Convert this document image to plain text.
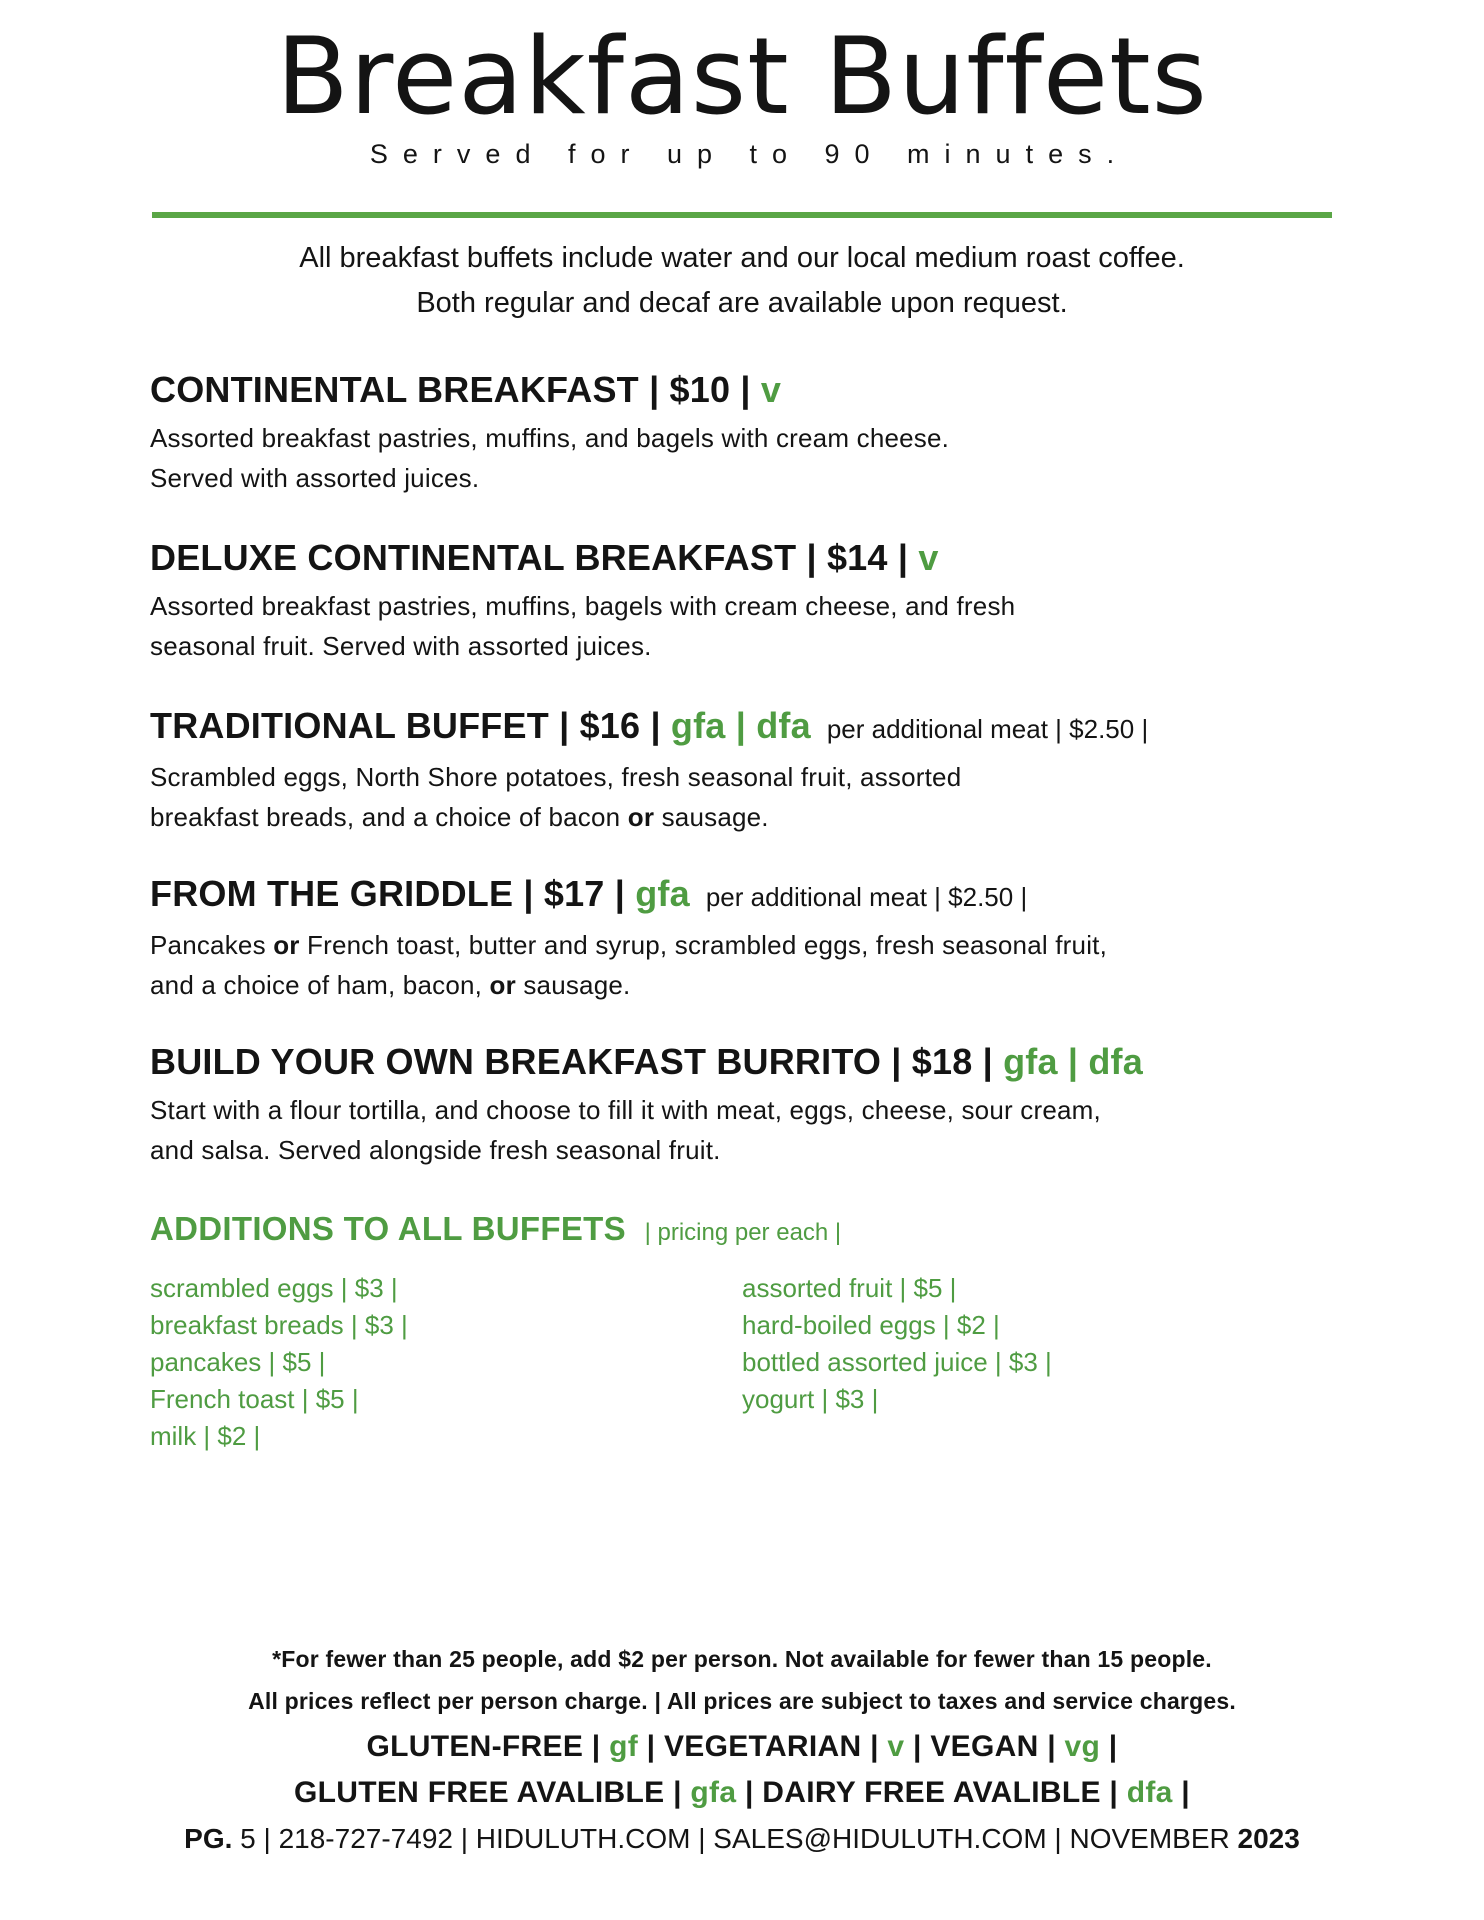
Breakfast Buffets
Served for up to 90 minutes.
All breakfast buffets include water and our local medium roast coffee.
Both regular and decaf are available upon request.
CONTINENTAL BREAKFAST | $10 | v
Assorted breakfast pastries, muffins, and bagels with cream cheese.
Served with assorted juices.
DELUXE CONTINENTAL BREAKFAST | $14 | v
Assorted breakfast pastries, muffins, bagels with cream cheese, and fresh
seasonal fruit. Served with assorted juices.
TRADITIONAL BUFFET | $16 | gfa | dfa per additional meat | $2.50 |
Scrambled eggs, North Shore potatoes, fresh seasonal fruit, assorted
breakfast breads, and a choice of bacon or sausage.
FROM THE GRIDDLE | $17 | gfa per additional meat | $2.50 |
Pancakes or French toast, butter and syrup, scrambled eggs, fresh seasonal fruit,
and a choice of ham, bacon, or sausage.
BUILD YOUR OWN BREAKFAST BURRITO | $18 | gfa | dfa
Start with a flour tortilla, and choose to fill it with meat, eggs, cheese, sour cream,
and salsa. Served alongside fresh seasonal fruit.
ADDITIONS TO ALL BUFFETS | pricing per each |
scrambled eggs | $3 |
breakfast breads | $3 |
pancakes | $5 |
French toast | $5 |
milk | $2 |
assorted fruit | $5 |
hard-boiled eggs | $2 |
bottled assorted juice | $3 |
yogurt | $3 |
*For fewer than 25 people, add $2 per person. Not available for fewer than 15 people.
All prices reflect per person charge. | All prices are subject to taxes and service charges.
GLUTEN-FREE | gf | VEGETARIAN | v | VEGAN | vg |
GLUTEN FREE AVALIBLE | gfa | DAIRY FREE AVALIBLE | dfa |
PG. 5 | 218-727-7492 | HIDULUTH.COM | SALES@HIDULUTH.COM | NOVEMBER 2023
